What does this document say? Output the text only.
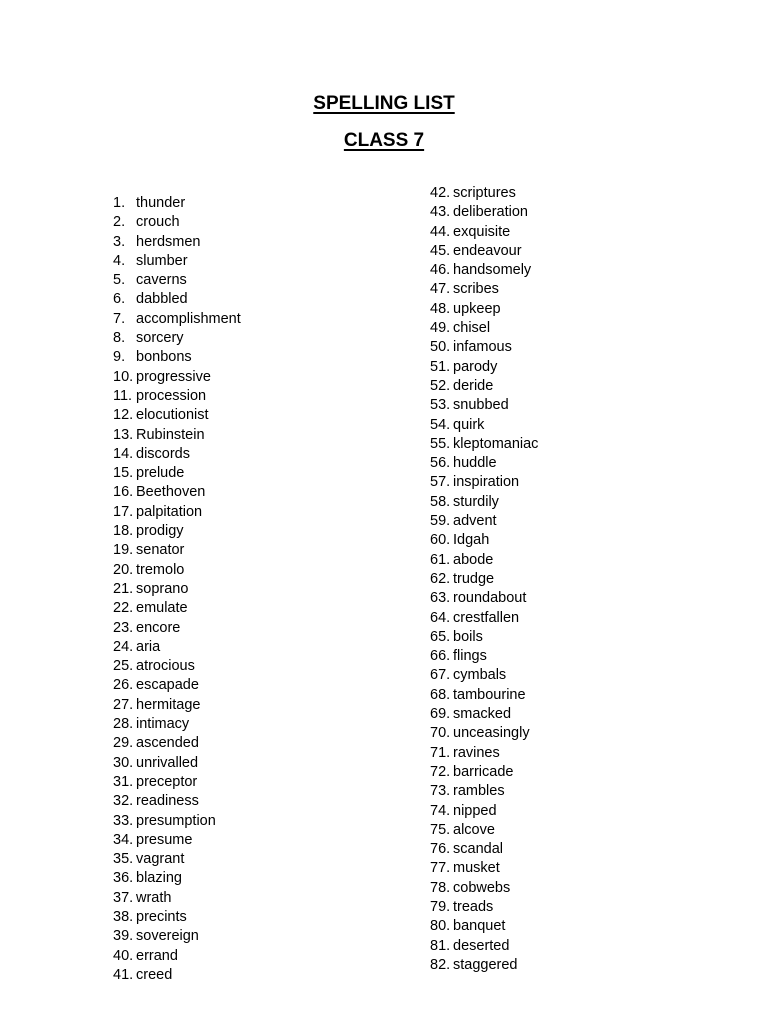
SPELLING LIST
CLASS 7
1. thunder
2. crouch
3. herdsmen
4. slumber
5. caverns
6. dabbled
7. accomplishment
8. sorcery
9. bonbons
10. progressive
11. procession
12. elocutionist
13. Rubinstein
14. discords
15. prelude
16. Beethoven
17. palpitation
18. prodigy
19. senator
20. tremolo
21. soprano
22. emulate
23. encore
24. aria
25. atrocious
26. escapade
27. hermitage
28. intimacy
29. ascended
30. unrivalled
31. preceptor
32. readiness
33. presumption
34. presume
35. vagrant
36. blazing
37. wrath
38. precints
39. sovereign
40. errand
41. creed
42. scriptures
43. deliberation
44. exquisite
45. endeavour
46. handsomely
47. scribes
48. upkeep
49. chisel
50. infamous
51. parody
52. deride
53. snubbed
54. quirk
55. kleptomaniac
56. huddle
57. inspiration
58. sturdily
59. advent
60. Idgah
61. abode
62. trudge
63. roundabout
64. crestfallen
65. boils
66. flings
67. cymbals
68. tambourine
69. smacked
70. unceasingly
71. ravines
72. barricade
73. rambles
74. nipped
75. alcove
76. scandal
77. musket
78. cobwebs
79. treads
80. banquet
81. deserted
82. staggered
